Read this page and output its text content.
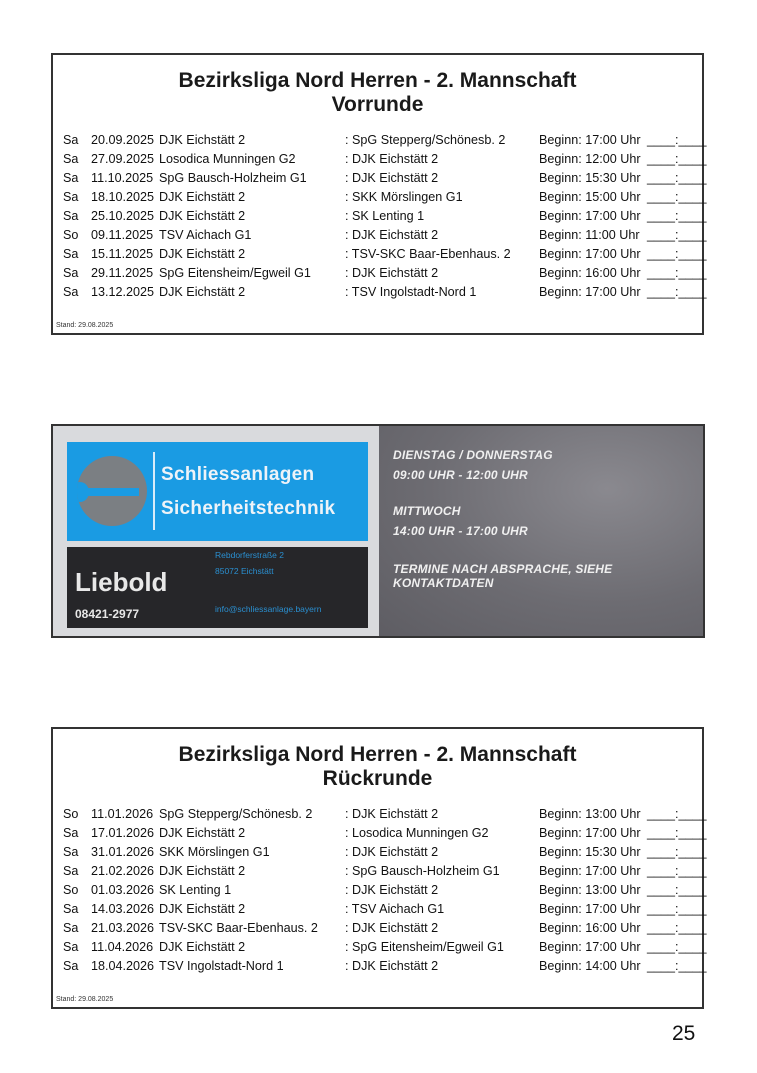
Bezirksliga Nord Herren - 2. Mannschaft
Vorrunde
Sa 20.09.2025 DJK Eichstätt 2	: SpG Stepperg/Schönesb. 2	Beginn: 17:00 Uhr ____:____
Sa 27.09.2025 Losodica Munningen G2	: DJK Eichstätt 2	Beginn: 12:00 Uhr ____:____
Sa 11.10.2025 SpG Bausch-Holzheim G1	: DJK Eichstätt 2	Beginn: 15:30 Uhr ____:____
Sa 18.10.2025 DJK Eichstätt 2	: SKK Mörslingen G1	Beginn: 15:00 Uhr ____:____
Sa 25.10.2025 DJK Eichstätt 2	: SK Lenting 1	Beginn: 17:00 Uhr ____:____
So 09.11.2025 TSV Aichach G1	: DJK Eichstätt 2	Beginn: 11:00 Uhr ____:____
Sa 15.11.2025 DJK Eichstätt 2	: TSV-SKC Baar-Ebenhaus. 2 Beginn: 17:00 Uhr ____:____
Sa 29.11.2025 SpG Eitensheim/Egweil G1	: DJK Eichstätt 2	Beginn: 16:00 Uhr ____:____
Sa 13.12.2025 DJK Eichstätt 2	: TSV Ingolstadt-Nord 1	Beginn: 17:00 Uhr ____:____
Stand: 29.08.2025
Schliessanlagen
Sicherheitstechnik
Liebold
08421-2977
Rebdorferstraße 2
85072 Eichstätt
info@schliessanlage.bayern
DIENSTAG / DONNERSTAG
09:00 UHR - 12:00 UHR
MITTWOCH
14:00 UHR - 17:00 UHR
TERMINE NACH ABSPRACHE, SIEHE KONTAKTDATEN
Bezirksliga Nord Herren - 2. Mannschaft
Rückrunde
So 11.01.2026 SpG Stepperg/Schönesb. 2	: DJK Eichstätt 2	Beginn: 13:00 Uhr ____:____
Sa 17.01.2026 DJK Eichstätt 2	: Losodica Munningen G2	Beginn: 17:00 Uhr ____:____
Sa 31.01.2026 SKK Mörslingen G1	: DJK Eichstätt 2	Beginn: 15:30 Uhr ____:____
Sa 21.02.2026 DJK Eichstätt 2	: SpG Bausch-Holzheim G1	Beginn: 17:00 Uhr ____:____
So 01.03.2026 SK Lenting 1	: DJK Eichstätt 2	Beginn: 13:00 Uhr ____:____
Sa 14.03.2026 DJK Eichstätt 2	: TSV Aichach G1	Beginn: 17:00 Uhr ____:____
Sa 21.03.2026 TSV-SKC Baar-Ebenhaus. 2 : DJK Eichstätt 2	Beginn: 16:00 Uhr ____:____
Sa 11.04.2026 DJK Eichstätt 2	: SpG Eitensheim/Egweil G1	Beginn: 17:00 Uhr ____:____
Sa 18.04.2026 TSV Ingolstadt-Nord 1	: DJK Eichstätt 2	Beginn: 14:00 Uhr ____:____
Stand: 29.08.2025
25
